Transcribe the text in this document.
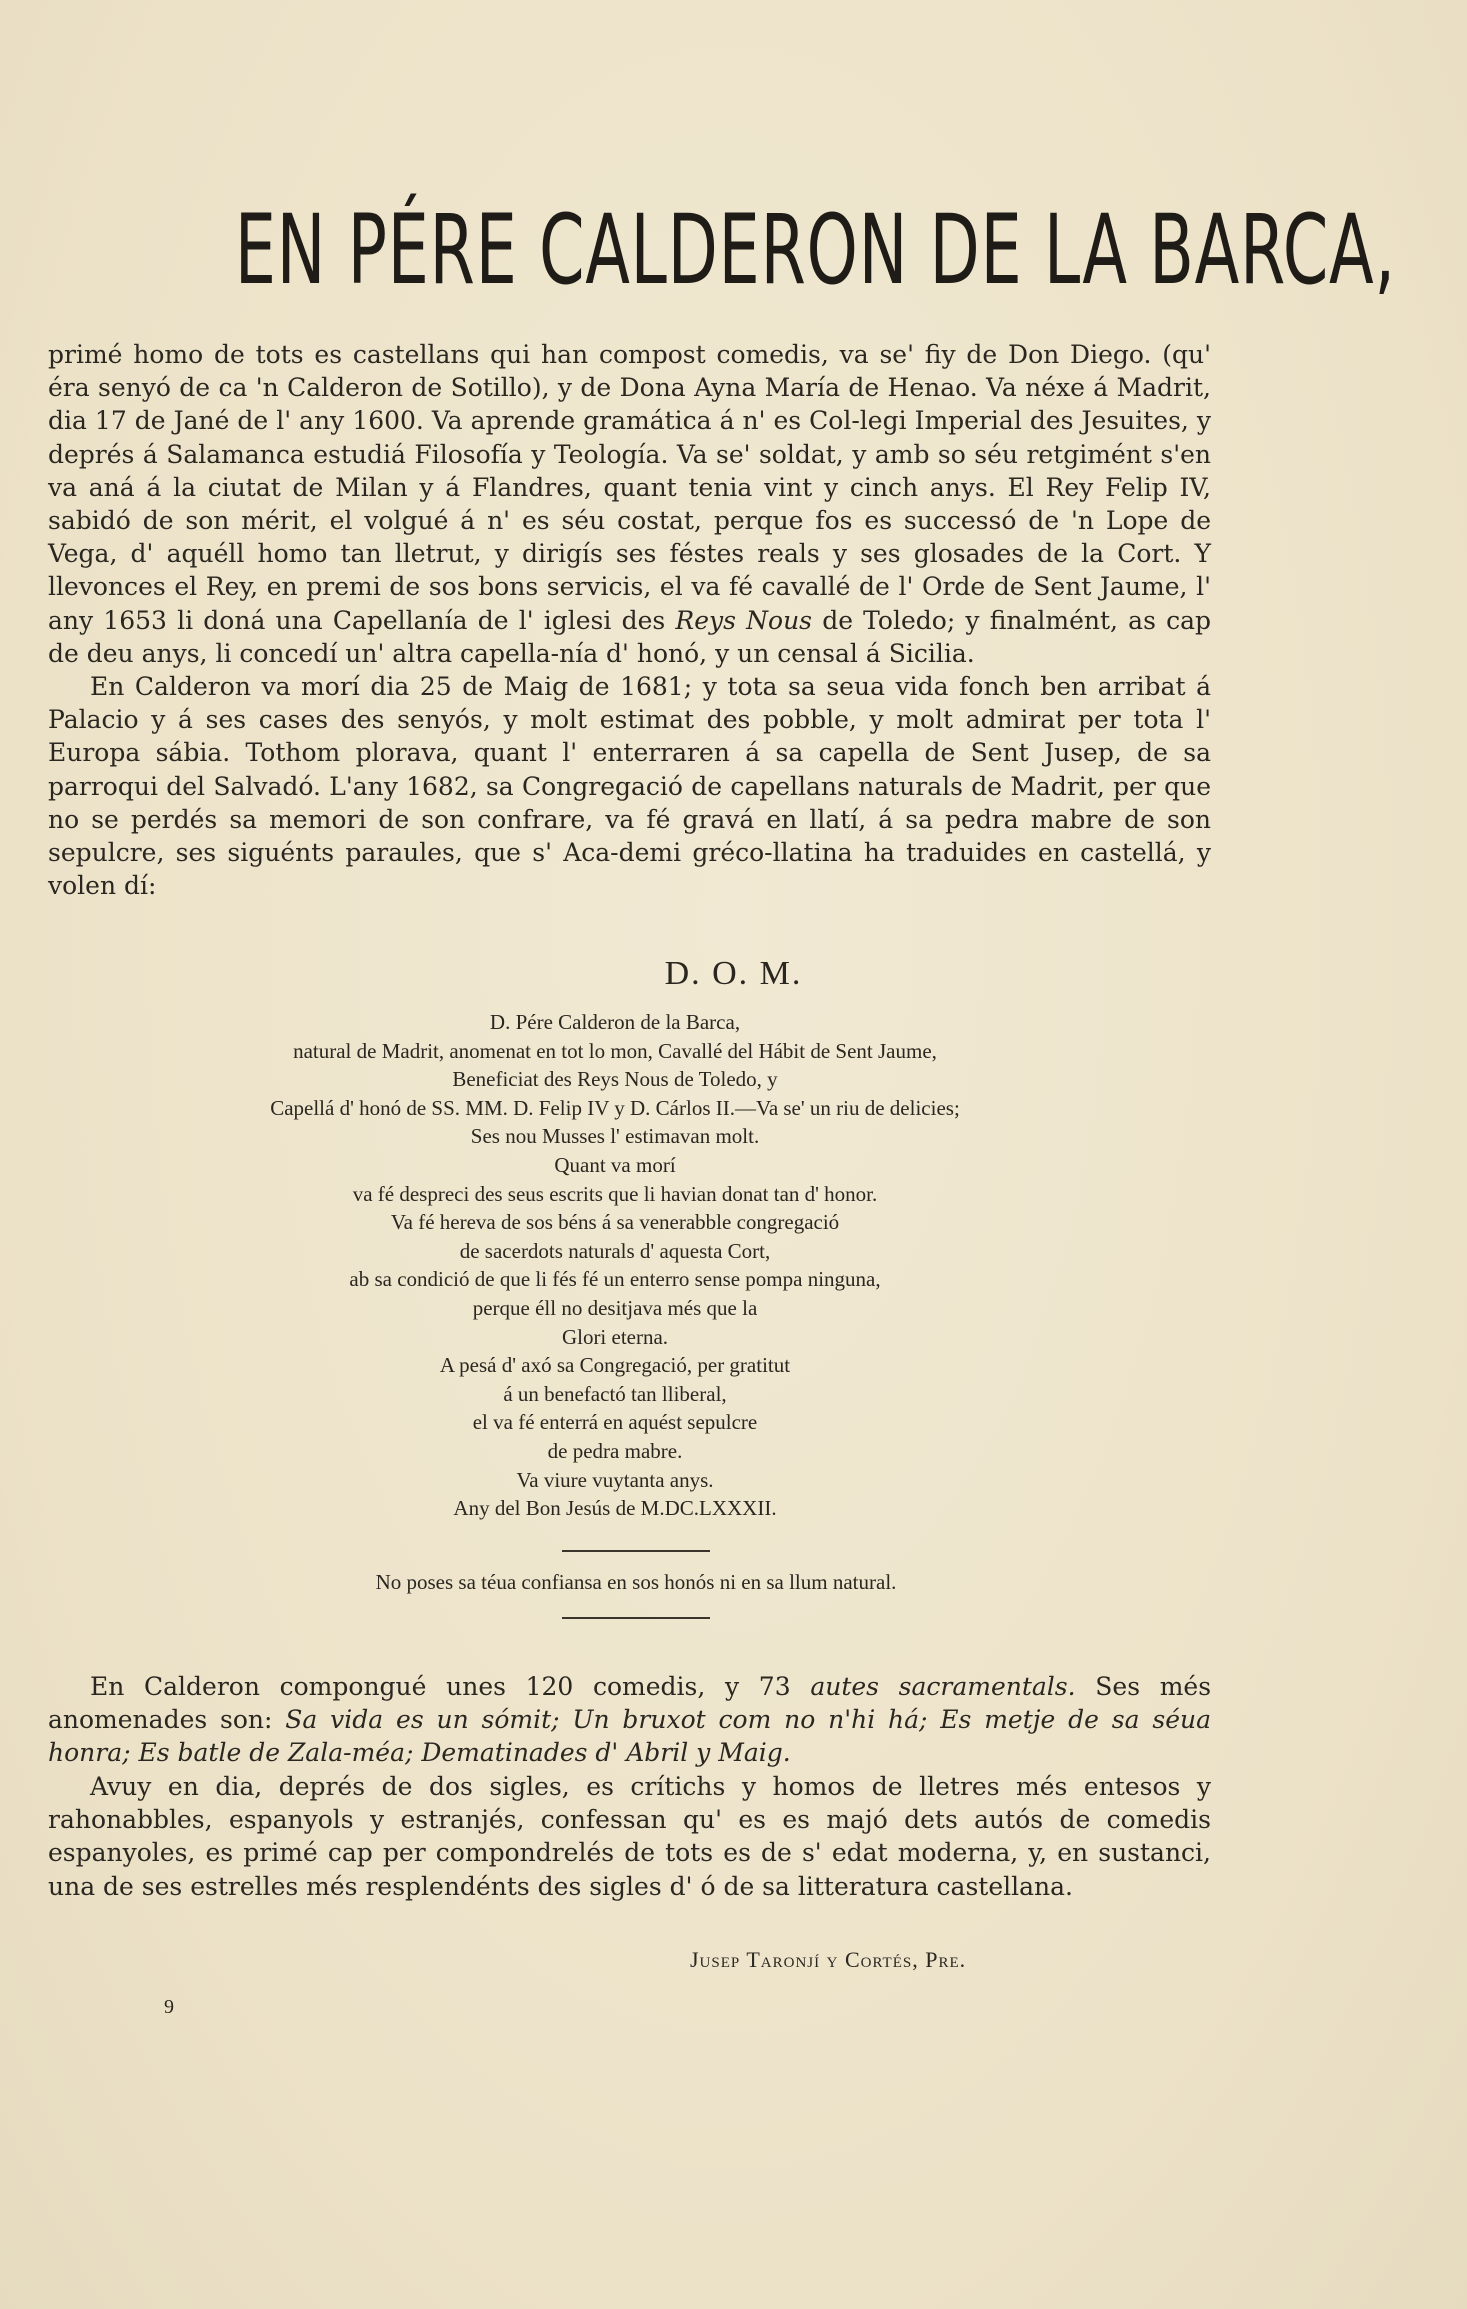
EN PÉRE CALDERON DE LA BARCA,

primé homo de tots es castellans qui han compost comedis, va se' fiy de Don Diego. (qu' éra senyó de ca 'n Calderon de Sotillo), y de Dona Ayna María de Henao. Va néxe á Madrit, dia 17 de Jané de l' any 1600. Va aprende gramática á n' es Col-legi Imperial des Jesuites, y deprés á Salamanca estudiá Filosofía y Teología. Va se' soldat, y amb so séu retgimént s'en va aná á la ciutat de Milan y á Flandres, quant tenia vint y cinch anys. El Rey Felip IV, sabidó de son mérit, el volgué á n' es séu costat, perque fos es successó de 'n Lope de Vega, d' aquéll homo tan lletrut, y dirigís ses féstes reals y ses glosades de la Cort. Y llevonces el Rey, en premi de sos bons servicis, el va fé cavallé de l' Orde de Sent Jaume, l' any 1653 li doná una Capellanía de l' iglesi des Reys Nous de Toledo; y finalmént, as cap de deu anys, li concedí un' altra capella-nía d' honó, y un censal á Sicilia.

En Calderon va morí dia 25 de Maig de 1681; y tota sa seua vida fonch ben arribat á Palacio y á ses cases des senyós, y molt estimat des pobble, y molt admirat per tota l' Europa sábia. Tothom plorava, quant l' enterraren á sa capella de Sent Jusep, de sa parroqui del Salvadó. L'any 1682, sa Congregació de capellans naturals de Madrit, per que no se perdés sa memori de son confrare, va fé gravá en llatí, á sa pedra mabre de son sepulcre, ses siguénts paraules, que s' Aca-demi gréco-llatina ha traduides en castellá, y volen dí:

D. O. M.
D. Pére Calderon de la Barca,
natural de Madrit, anomenat en tot lo mon, Cavallé del Hábit de Sent Jaume,
Beneficiat des Reys Nous de Toledo, y
Capellá d' honó de SS. MM. D. Felip IV y D. Cárlos II.—Va se' un riu de delicies;
Ses nou Musses l' estimavan molt.
Quant va morí
va fé despreci des seus escrits que li havian donat tan d' honor.
Va fé hereva de sos béns á sa venerabble congregació
de sacerdots naturals d' aquesta Cort,
ab sa condició de que li fés fé un enterro sense pompa ninguna,
perque éll no desitjava més que la
Glori eterna.
A pesá d' axó sa Congregació, per gratitut
á un benefactó tan lliberal,
el va fé enterrá en aquést sepulcre
de pedra mabre.
Va viure vuytanta anys.
Any del Bon Jesús de M.DC.LXXXII.
No poses sa téua confiansa en sos honós ni en sa llum natural.

En Calderon compongué unes 120 comedis, y 73 autes sacramentals. Ses més anomenades son: Sa vida es un sómit; Un bruxot com no n'hi há; Es metje de sa séua honra; Es batle de Zala-méa; Dematinades d' Abril y Maig.

Avuy en dia, deprés de dos sigles, es crítichs y homos de lletres més entesos y rahonabbles, espanyols y estranjés, confessan qu' es es majó dets autós de comedis espanyoles, es primé cap per compondrelés de tots es de s' edat moderna, y, en sustanci, una de ses estrelles més resplendénts des sigles d' ó de sa litteratura castellana.

Jusep Taronjí y Cortés, Pre.
9
